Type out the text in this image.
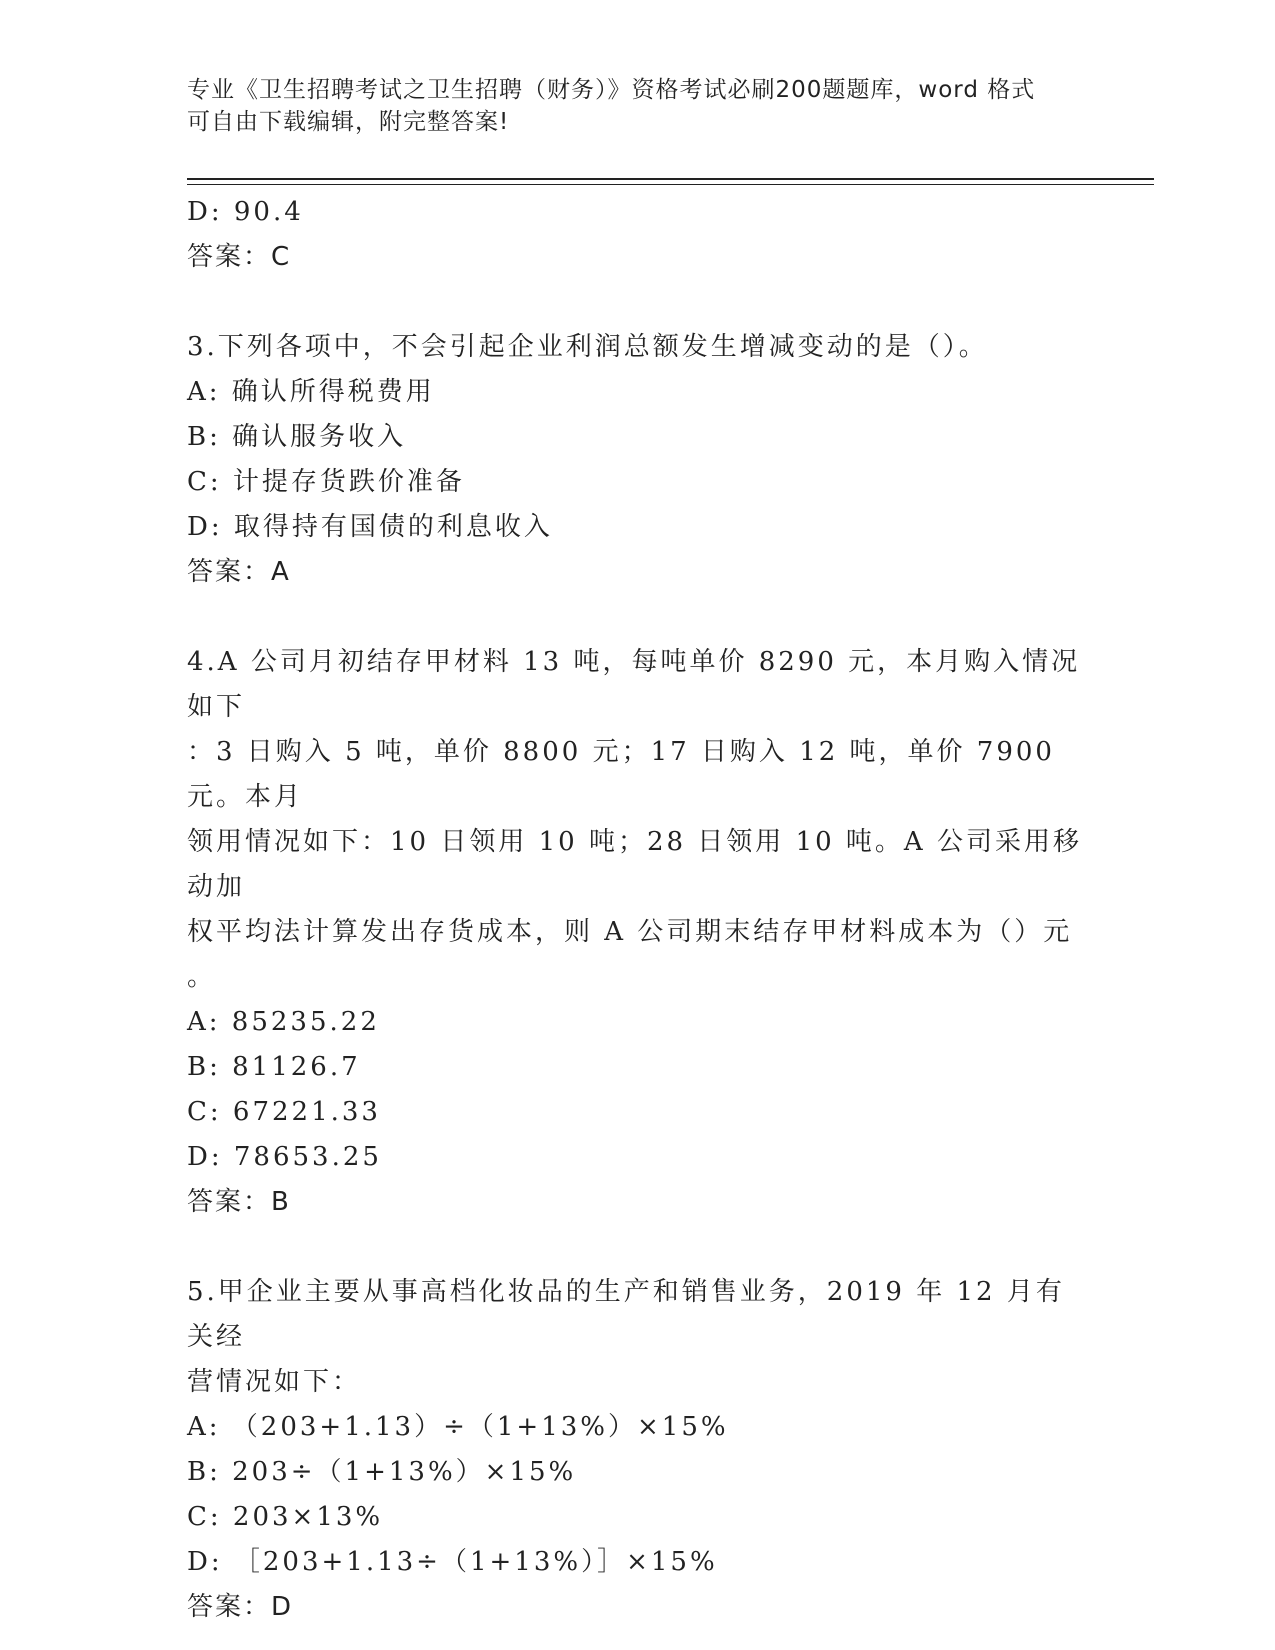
专业《卫生招聘考试之卫生招聘（财务）》资格考试必刷200题题库，word 格式
可自由下载编辑，附完整答案!
D: 90.4
答案：C
3.下列各项中，不会引起企业利润总额发生增减变动的是（）。
A: 确认所得税费用
B: 确认服务收入
C: 计提存货跌价准备
D: 取得持有国债的利息收入
答案：A
4.A 公司月初结存甲材料 13 吨，每吨单价 8290 元，本月购入情况如下
：3 日购入 5 吨，单价 8800 元；17 日购入 12 吨，单价 7900 元。本月
领用情况如下：10 日领用 10 吨；28 日领用 10 吨。A 公司采用移动加
权平均法计算发出存货成本，则 A 公司期末结存甲材料成本为（）元
。
A: 85235.22
B: 81126.7
C: 67221.33
D: 78653.25
答案：B
5.甲企业主要从事高档化妆品的生产和销售业务，2019 年 12 月有关经
营情况如下：
A: （203+1.13）÷（1+13%）×15%
B: 203÷（1+13%）×15%
C: 203×13%
D: ［203+1.13÷（1+13%）］×15%
答案：D
